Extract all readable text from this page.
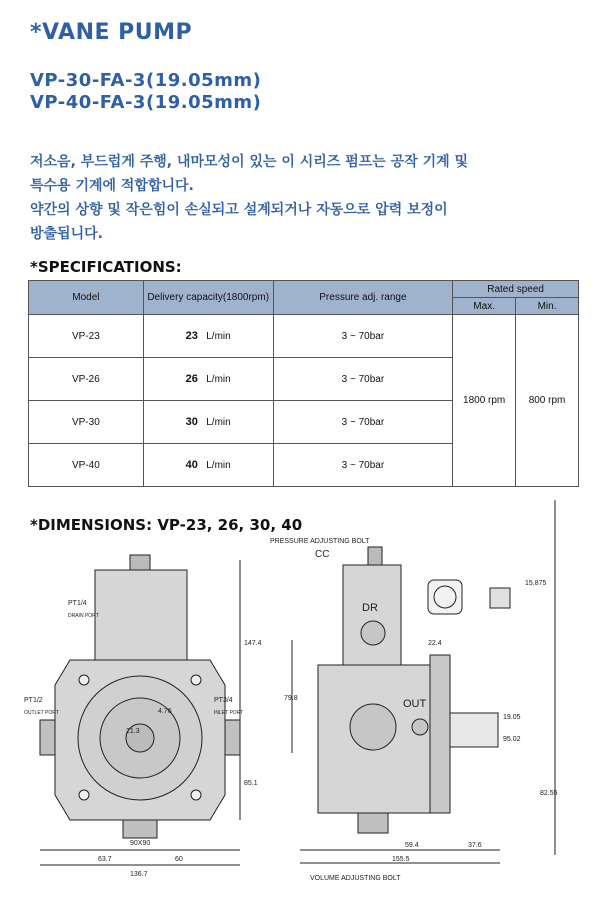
*VANE PUMP
VP-30-FA-3(19.05mm)
VP-40-FA-3(19.05mm)
저소음, 부드럽게 주행, 내마모성이 있는 이 시리즈 펌프는 공작 기계 및
특수용 기계에 적합합니다.
약간의 상향 및 작은힘이 손실되고 설계되거나 자동으로 압력 보정이
방출됩니다.
*SPECIFICATIONS:
Model	Delivery capacity(1800rpm)	Pressure adj. range	Rated speed	
			Max.	Min.
VP-23	23 L/min	3 ~ 70bar	1800 rpm	800 rpm
VP-26	26 L/min	3 ~ 70bar		
VP-30	30 L/min	3 ~ 70bar		
VP-40	40 L/min	3 ~ 70bar		
*DIMENSIONS: VP-23, 26, 30, 40
PRESSURE ADJUSTING BOLT
CC
DR
OUT
PT1/4
DRAIN PORT
PT1/2
OUTLET PORT
PT3/4
INLET PORT
147.4
85.1
63.7	60
136.7
90X90
79.8
22.4
59.4	37.6
155.5
4.76
21.3
15.875
19.05
95.02
82.55
VOLUME ADJUSTING BOLT
